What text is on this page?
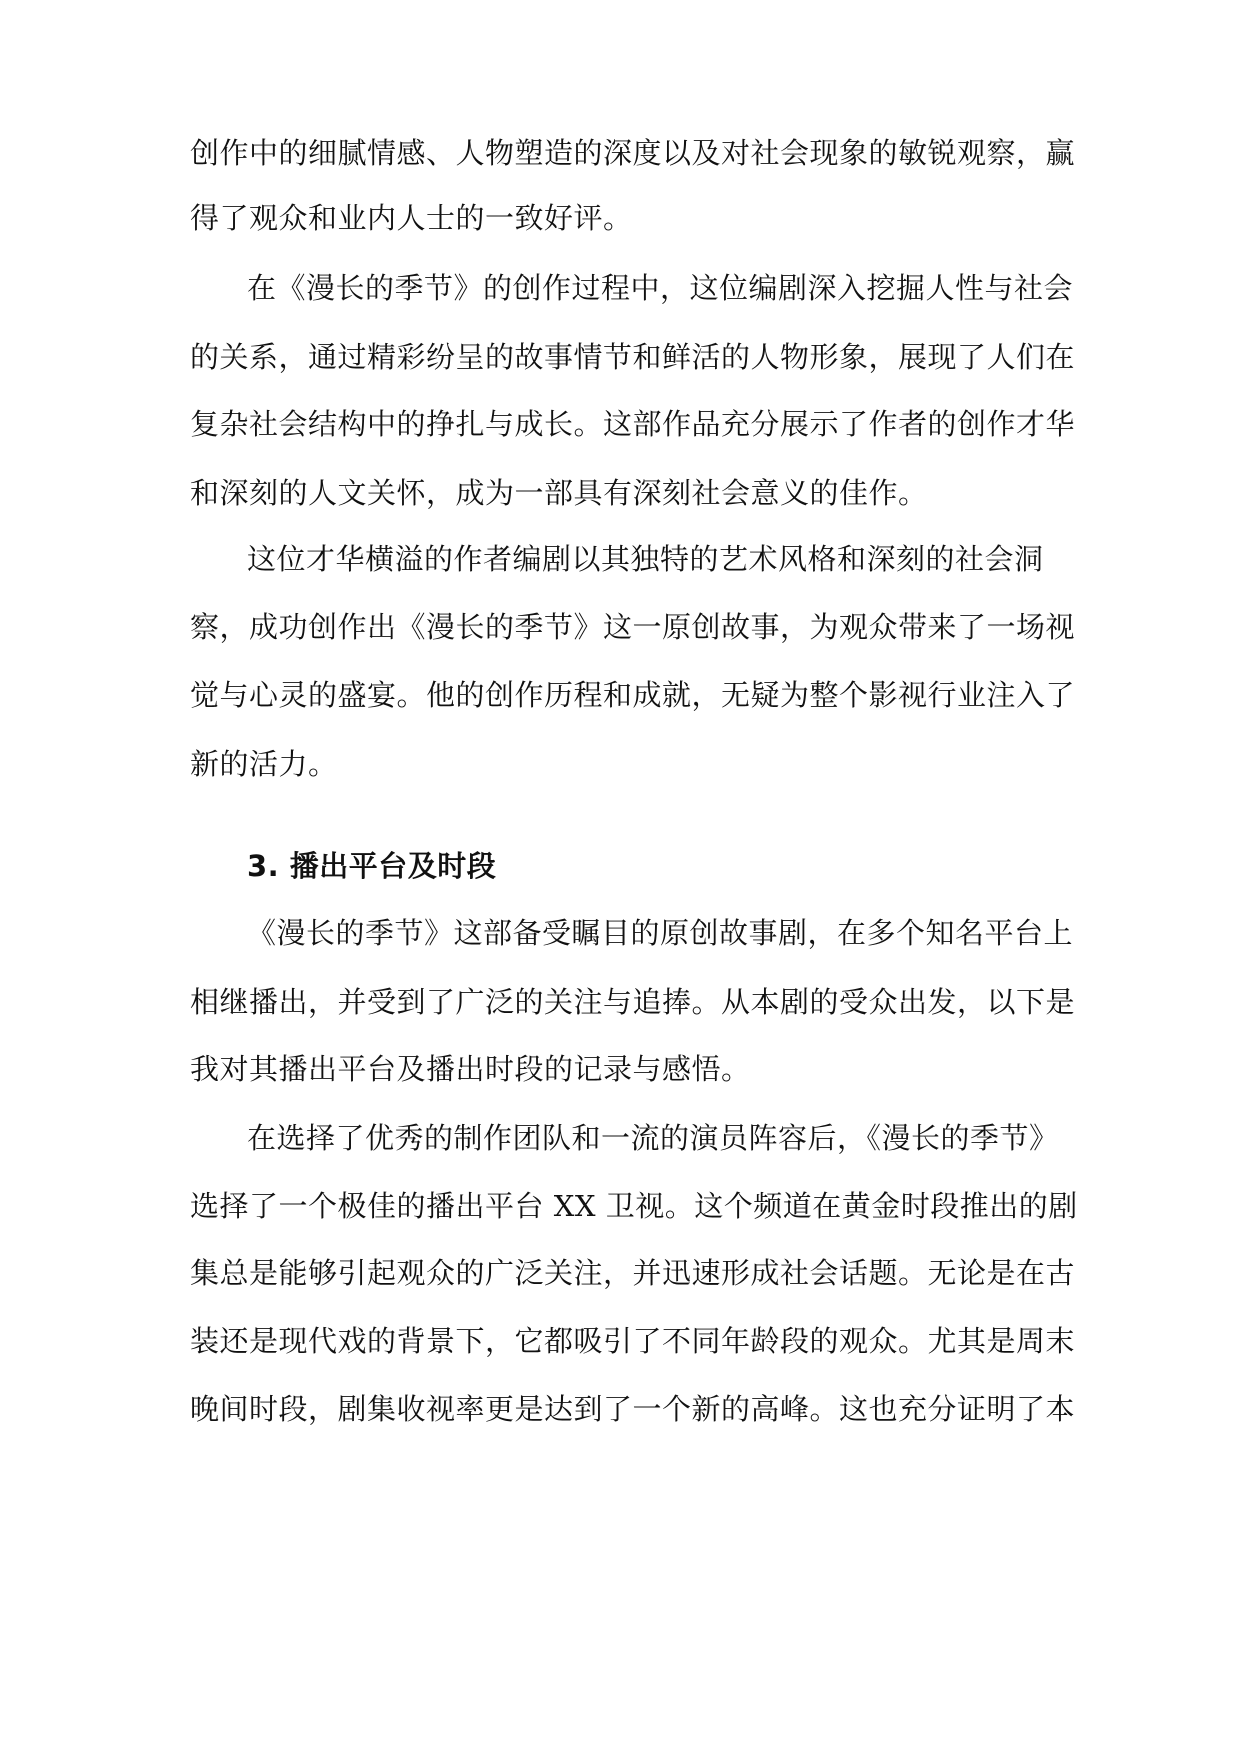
创作中的细腻情感、人物塑造的深度以及对社会现象的敏锐观察，赢
得了观众和业内人士的一致好评。
在《漫长的季节》的创作过程中，这位编剧深入挖掘人性与社会
的关系，通过精彩纷呈的故事情节和鲜活的人物形象，展现了人们在
复杂社会结构中的挣扎与成长。这部作品充分展示了作者的创作才华
和深刻的人文关怀，成为一部具有深刻社会意义的佳作。
这位才华横溢的作者编剧以其独特的艺术风格和深刻的社会洞
察，成功创作出《漫长的季节》这一原创故事，为观众带来了一场视
觉与心灵的盛宴。他的创作历程和成就，无疑为整个影视行业注入了
新的活力。
3. 播出平台及时段
《漫长的季节》这部备受瞩目的原创故事剧，在多个知名平台上
相继播出，并受到了广泛的关注与追捧。从本剧的受众出发，以下是
我对其播出平台及播出时段的记录与感悟。
在选择了优秀的制作团队和一流的演员阵容后，《漫长的季节》
选择了一个极佳的播出平台 XX 卫视。这个频道在黄金时段推出的剧
集总是能够引起观众的广泛关注，并迅速形成社会话题。无论是在古
装还是现代戏的背景下，它都吸引了不同年龄段的观众。尤其是周末
晚间时段，剧集收视率更是达到了一个新的高峰。这也充分证明了本
